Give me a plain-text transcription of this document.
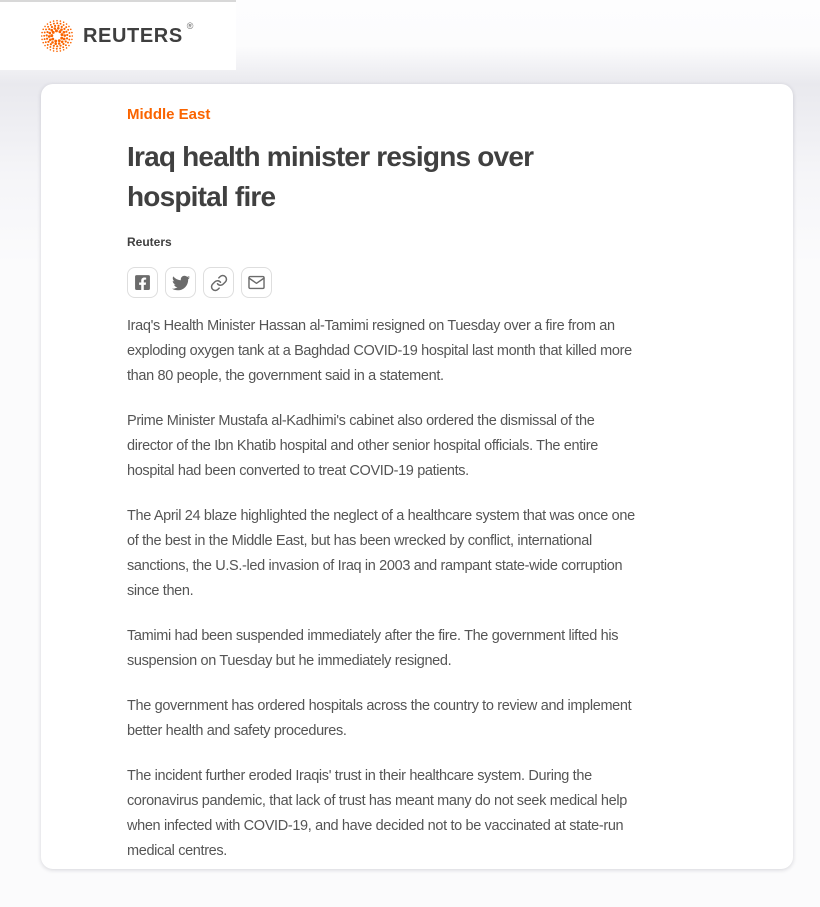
REUTERS ®
Middle East
Iraq health minister resigns over hospital fire
Reuters

Iraq's Health Minister Hassan al-Tamimi resigned on Tuesday over a fire from an exploding oxygen tank at a Baghdad COVID-19 hospital last month that killed more than 80 people, the government said in a statement.

Prime Minister Mustafa al-Kadhimi's cabinet also ordered the dismissal of the director of the Ibn Khatib hospital and other senior hospital officials. The entire hospital had been converted to treat COVID-19 patients.

The April 24 blaze highlighted the neglect of a healthcare system that was once one of the best in the Middle East, but has been wrecked by conflict, international sanctions, the U.S.-led invasion of Iraq in 2003 and rampant state-wide corruption since then.

Tamimi had been suspended immediately after the fire. The government lifted his suspension on Tuesday but he immediately resigned.

The government has ordered hospitals across the country to review and implement better health and safety procedures.

The incident further eroded Iraqis' trust in their healthcare system. During the coronavirus pandemic, that lack of trust has meant many do not seek medical help when infected with COVID-19, and have decided not to be vaccinated at state-run medical centres.
